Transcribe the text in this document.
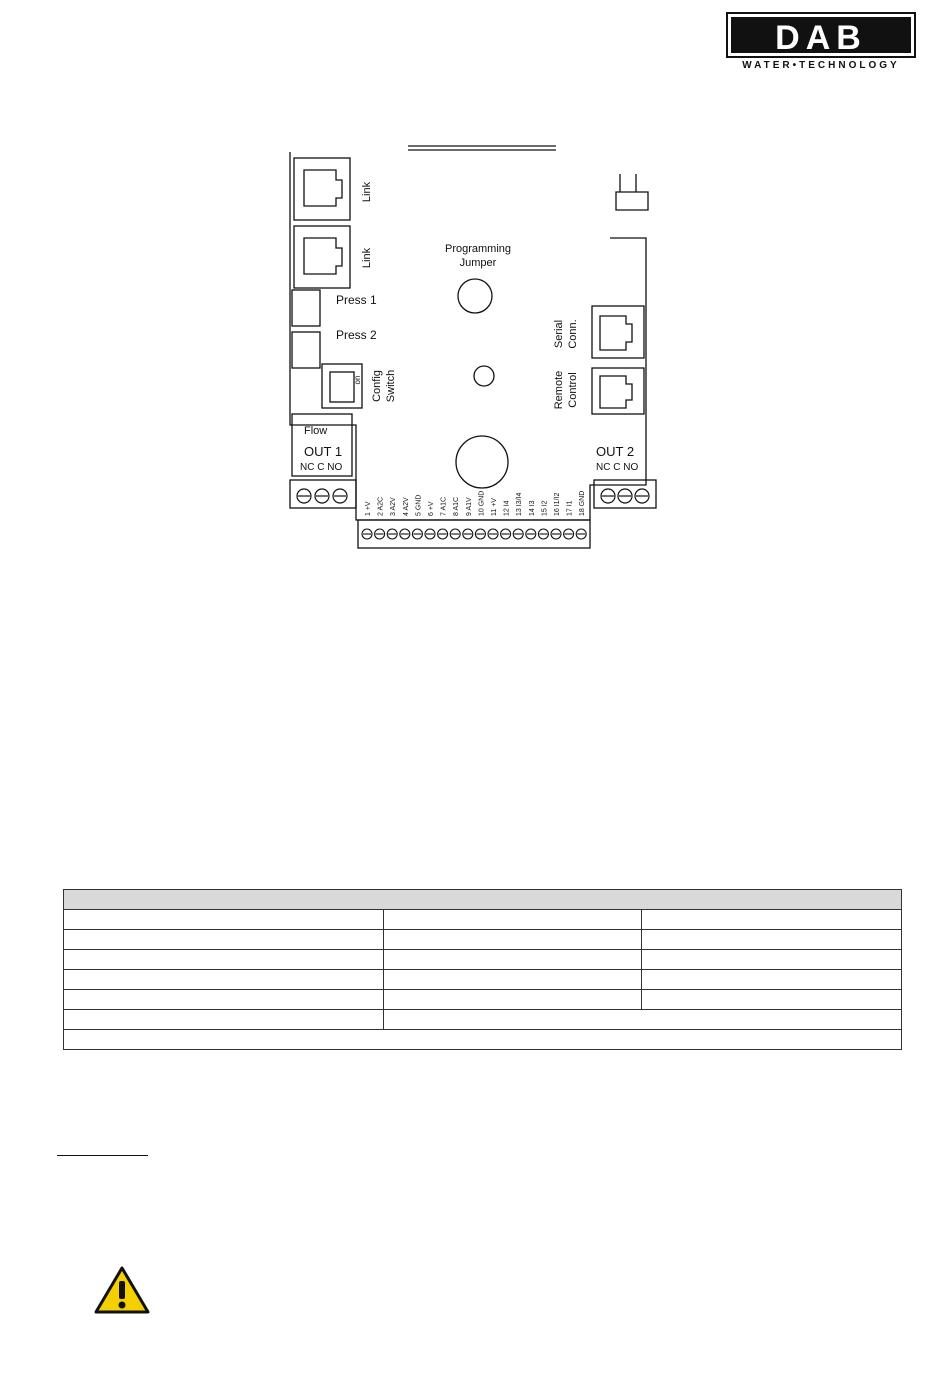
DAB
WATER•TECHNOLOGY
1 +V 2 A2C 3 A2V 4 A2V 5 GND 6 +V 7 A1C 8 A1C 9 A1V 10 GND 11 +V 12 I4 13 I3/I4 14 I3 15 I2 16 I1/I2 17 I1 18 GND
Link
Link	Programming
Jumper
Press 1
Press 2
Config Switch
Serial Conn.
Remote Control
Flow
OUT 1
NC C NO
OUT 2
NC C NO
on
